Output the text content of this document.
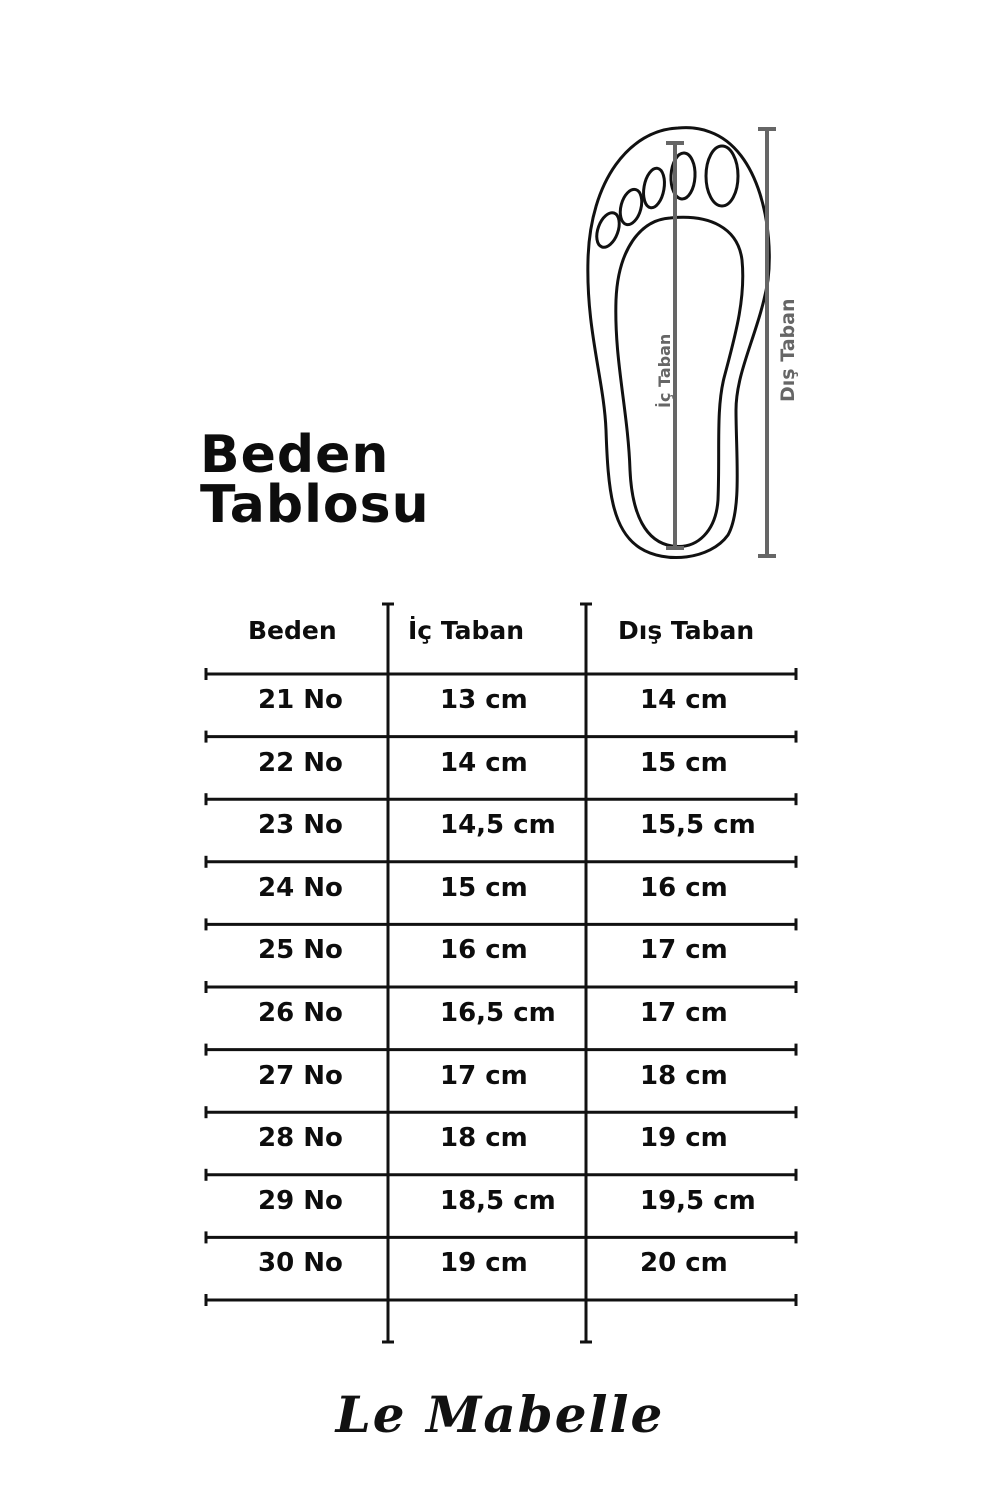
Beden
Tablosu
İç Taban	Dış Taban
Beden	İç Taban	Dış Taban
21 No	13 cm	14 cm
22 No	14 cm	15 cm
23 No	14,5 cm	15,5 cm
24 No	15 cm	16 cm
25 No	16 cm	17 cm
26 No	16,5 cm	17 cm
27 No	17 cm	18 cm
28 No	18 cm	19 cm
29 No	18,5 cm	19,5 cm
30 No	19 cm	20 cm
Le Mabelle
